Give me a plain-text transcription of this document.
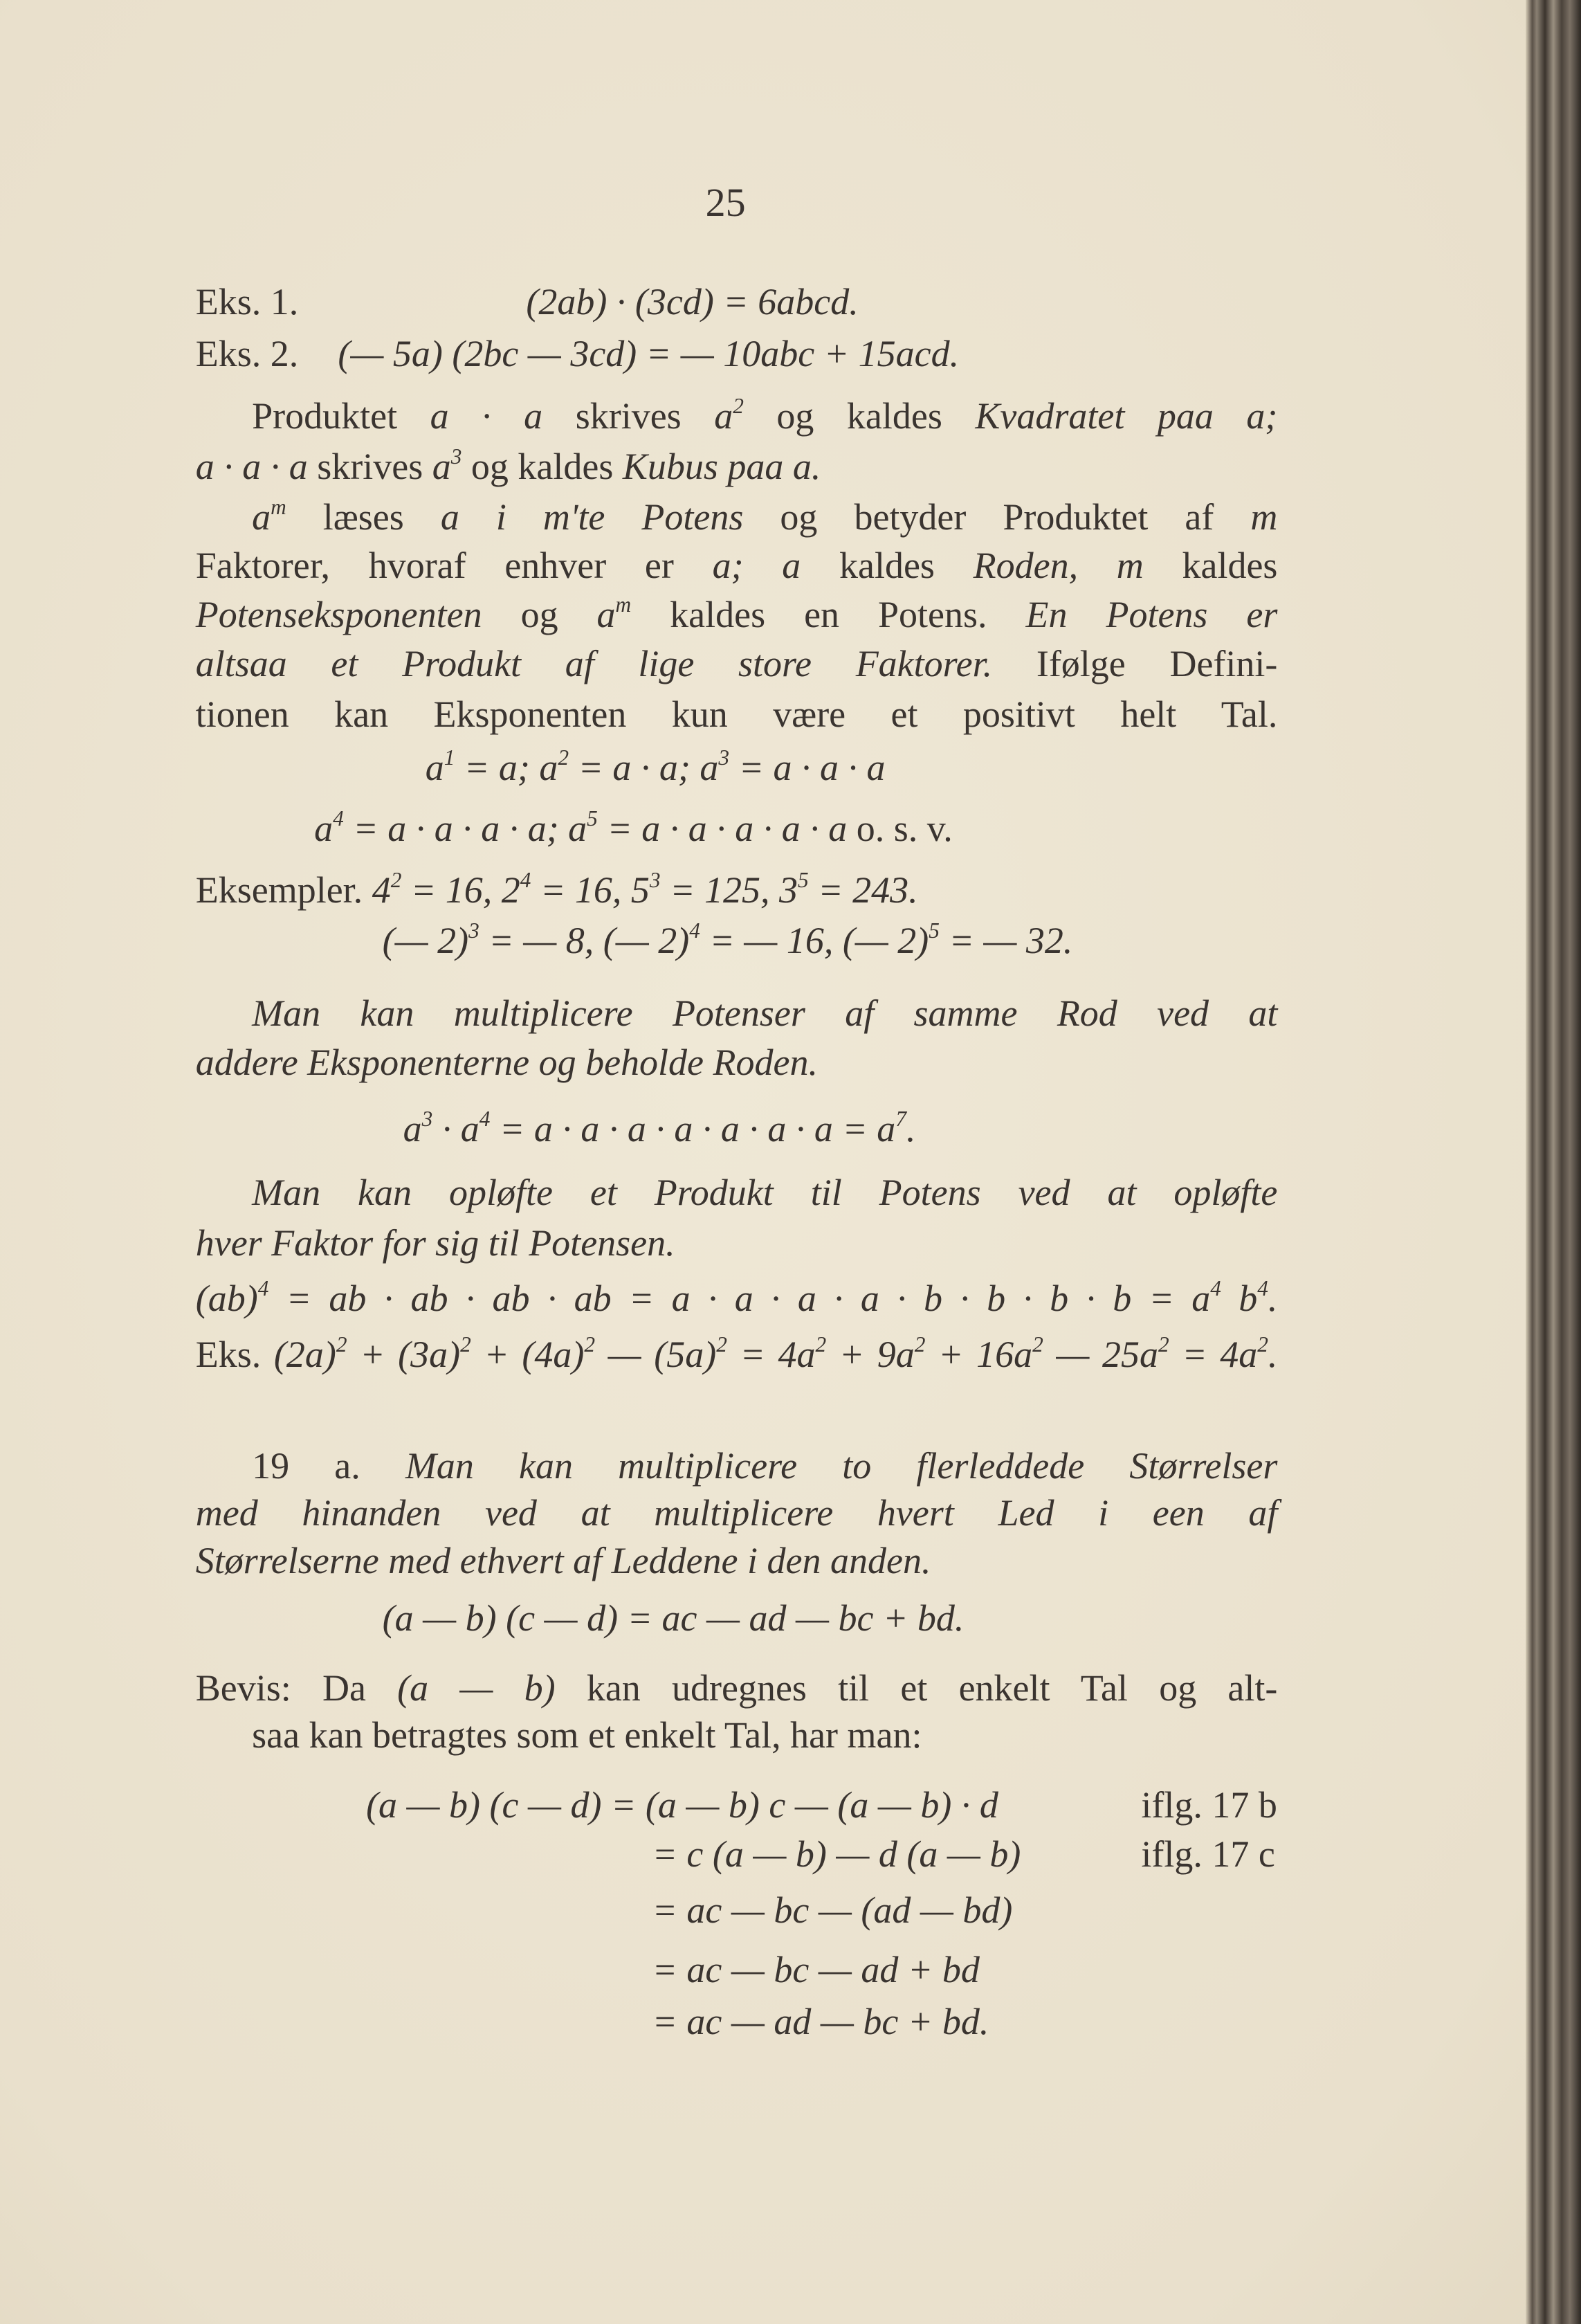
25
Eks. 1.	(2ab) · (3cd) = 6abcd.
Eks. 2. (— 5a) (2bc — 3cd) = — 10abc + 15acd.
Produktet a · a skrives $a^2$ og kaldes Kvadratet paa a;
a · a · a skrives $a^3$ og kaldes Kubus paa a.
$a^m$ læses a i m'te Potens og betyder Produktet af m
Faktorer, hvoraf enhver er a; a kaldes Roden, m kaldes
Potenseksponenten og $a^m$ kaldes en Potens. En Potens er
altsaa et Produkt af lige store Faktorer. Ifølge Defini-
tionen kan Eksponenten kun være et positivt helt Tal.
$a^1 = a$; $a^2 = a \cdot a$; $a^3 = a \cdot a \cdot a$
$a^4 = a \cdot a \cdot a \cdot a$; $a^5 = a \cdot a \cdot a \cdot a \cdot a$ o. s. v.
Eksempler. $4^2 = 16$, $2^4 = 16$, $5^3 = 125$, $3^5 = 243$.
(— 2)$^3$ = — 8, (— 2)$^4$ = — 16, (— 2)$^5$ = — 32.
Man kan multiplicere Potenser af samme Rod ved at
addere Eksponenterne og beholde Roden.
$a^3 \cdot a^4 = a \cdot a \cdot a \cdot a \cdot a \cdot a \cdot a = a^7$.
Man kan opløfte et Produkt til Potens ved at opløfte
hver Faktor for sig til Potensen.
(ab)$^4$ = ab · ab · ab · ab = $a \cdot a \cdot a \cdot a \cdot b \cdot b \cdot b \cdot b = a^4$ $b^4$.
Eks. $(2a)^2 + (3a)^2 + (4a)^2$ — $(5a)^2 = 4a^2 + 9a^2 + 16a^2$ — $25a^2 = 4a^2$.
19 a. Man kan multiplicere to flerleddede Størrelser
med hinanden ved at multiplicere hvert Led i een af
Størrelserne med ethvert af Leddene i den anden.
(a — b) (c — d) = ac — ad — bc + bd.
Bevis: Da (a — b) kan udregnes til et enkelt Tal og alt-
saa kan betragtes som et enkelt Tal, har man:
(a — b) (c — d) = (a — b) c — (a — b) · d	iflg. 17 b
= c (a — b) — d (a — b)	iflg. 17 c
= ac — bc — (ad — bd)
= ac — bc — ad + bd
= ac — ad — bc + bd.
